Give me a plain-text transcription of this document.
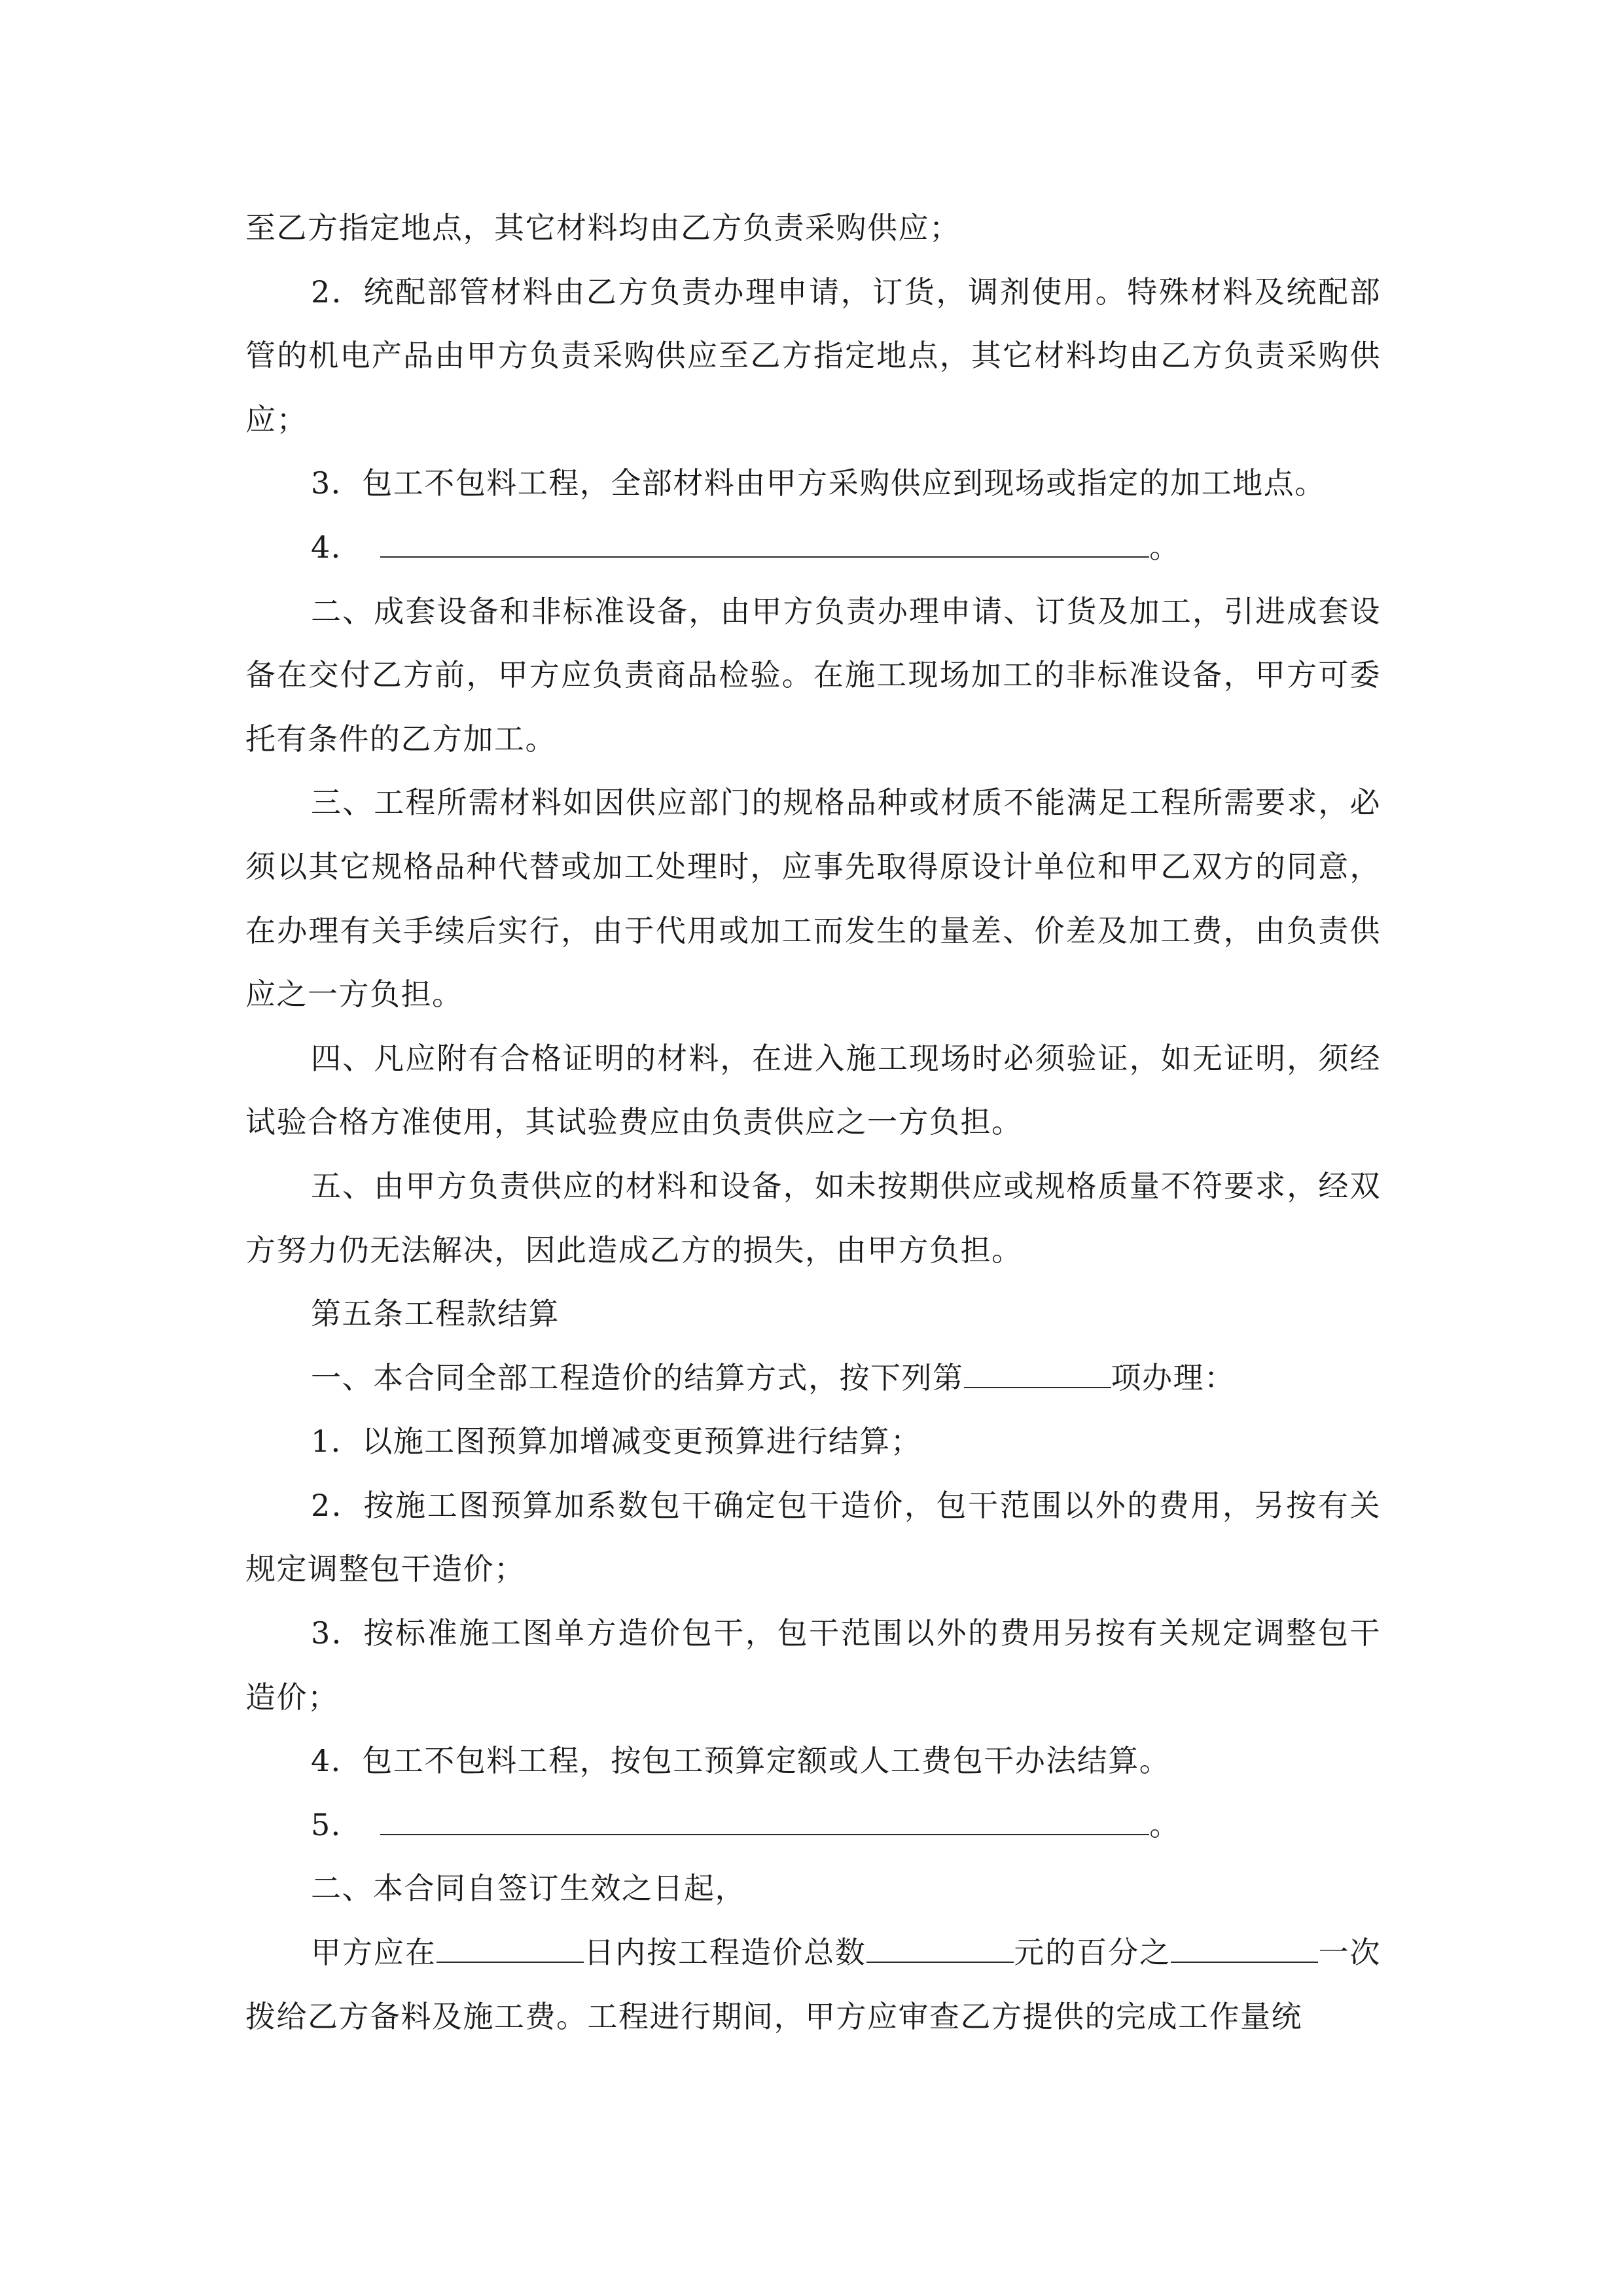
至乙方指定地点，其它材料均由乙方负责采购供应；

2．统配部管材料由乙方负责办理申请，订货，调剂使用。特殊材料及统配部管的机电产品由甲方负责采购供应至乙方指定地点，其它材料均由乙方负责采购供应；

3．包工不包料工程，全部材料由甲方采购供应到现场或指定的加工地点。

4．	。

二、成套设备和非标准设备，由甲方负责办理申请、订货及加工，引进成套设备在交付乙方前，甲方应负责商品检验。在施工现场加工的非标准设备，甲方可委托有条件的乙方加工。

三、工程所需材料如因供应部门的规格品种或材质不能满足工程所需要求，必须以其它规格品种代替或加工处理时，应事先取得原设计单位和甲乙双方的同意，在办理有关手续后实行，由于代用或加工而发生的量差、价差及加工费，由负责供应之一方负担。

四、凡应附有合格证明的材料，在进入施工现场时必须验证，如无证明，须经试验合格方准使用，其试验费应由负责供应之一方负担。

五、由甲方负责供应的材料和设备，如未按期供应或规格质量不符要求，经双方努力仍无法解决，因此造成乙方的损失，由甲方负担。

第五条工程款结算

一、本合同全部工程造价的结算方式，按下列第	项办理：

1．以施工图预算加增减变更预算进行结算；

2．按施工图预算加系数包干确定包干造价，包干范围以外的费用，另按有关规定调整包干造价；

3．按标准施工图单方造价包干，包干范围以外的费用另按有关规定调整包干造价；

4．包工不包料工程，按包工预算定额或人工费包干办法结算。

5．	。

二、本合同自签订生效之日起，

甲方应在	日内按工程造价总数	元的百分之	一次拨给乙方备料及施工费。工程进行期间，甲方应审查乙方提供的完成工作量统
